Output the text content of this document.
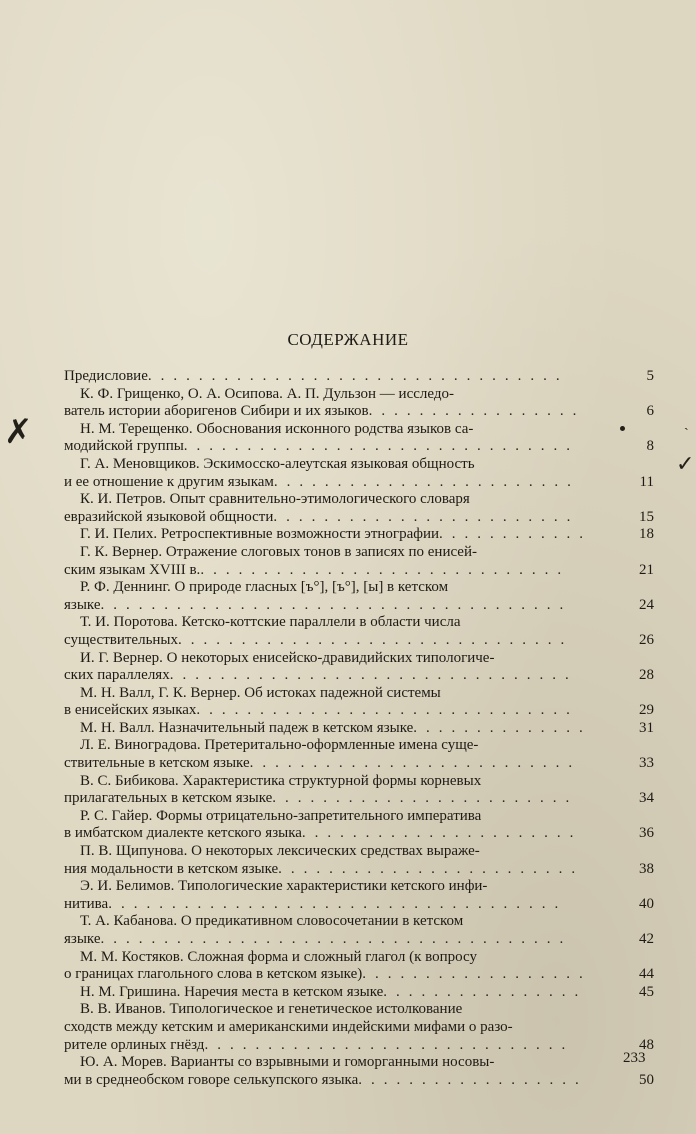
✗	ˎ
✓
СОДЕРЖАНИЕ
Предисловие .................................	5
К. Ф. Грищенко, О. А. Осипова. А. П. Дульзон — исследо-
ватель истории аборигенов Сибири и их языков .................	6
Н. М. Терещенко. Обоснования исконного родства языков са-
модийской группы ...............................	8
Г. А. Меновщиков. Эскимосско-алеутская языковая общность
и ее отношение к другим языкам ........................	11
К. И. Петров. Опыт сравнительно-этимологического словаря
евразийской языковой общности ........................	15
Г. И. Пелих. Ретроспективные возможности этнографии ............	18
Г. К. Вернер. Отражение слоговых тонов в записях по енисей-
ским языкам XVIII в. .............................	21
Р. Ф. Деннинг. О природе гласных [ъ°], [ъ°], [ы] в кетском
языке .....................................	24
Т. И. Поротова. Кетско-коттские параллели в области числа
существительных ...............................	26
И. Г. Вернер. О некоторых енисейско-дравидийских типологиче-
ских параллелях ................................	28
М. Н. Валл, Г. К. Вернер. Об истоках падежной системы
в енисейских языках ..............................	29
М. Н. Валл. Назначительный падеж в кетском языке ..............	31
Л. Е. Виноградова. Претеритально-оформленные имена суще-
ствительные в кетском языке ..........................	33
В. С. Бибикова. Характеристика структурной формы корневых
прилагательных в кетском языке ........................	34
Р. С. Гайер. Формы отрицательно-запретительного императива
в имбатском диалекте кетского языка ......................	36
П. В. Щипунова. О некоторых лексических средствах выраже-
ния модальности в кетском языке ........................	38
Э. И. Белимов. Типологические характеристики кетского инфи-
нитива ....................................	40
Т. А. Кабанова. О предикативном словосочетании в кетском
языке .....................................	42
М. М. Костяков. Сложная форма и сложный глагол (к вопросу
о границах глагольного слова в кетском языке) ..................	44
Н. М. Гришина. Наречия места в кетском языке ................	45
В. В. Иванов. Типологическое и генетическое истолкование
сходств между кетским и американскими индейскими мифами о разо-
рителе орлиных гнёзд .............................	48
Ю. А. Морев. Варианты со взрывными и гоморганными носовы-
ми в среднеобском говоре селькупского языка ..................	50
233
